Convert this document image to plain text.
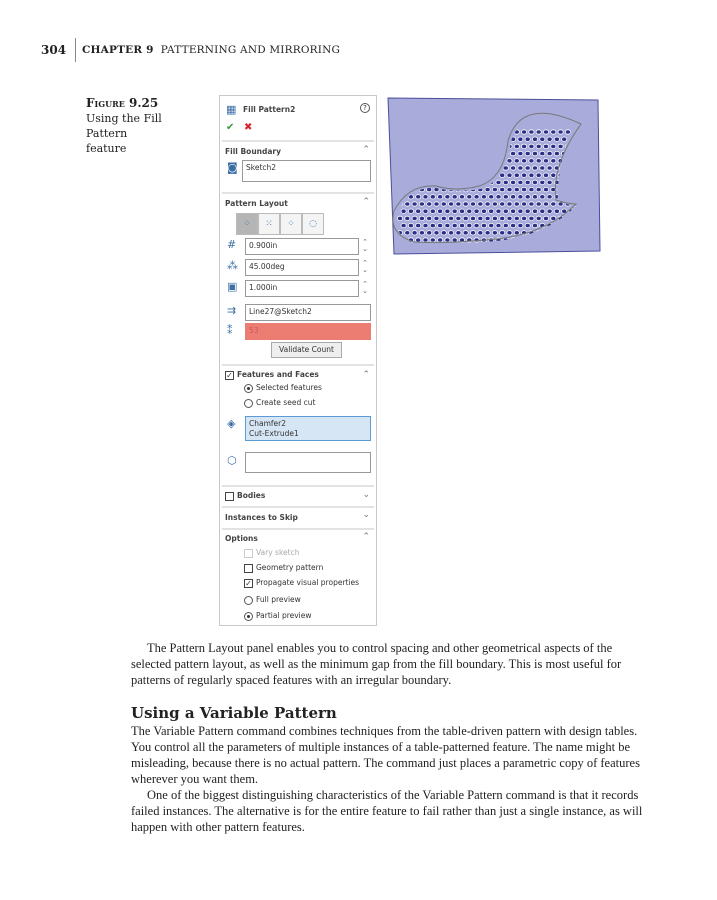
304 CHAPTER 9 PATTERNING AND MIRRORING
Figure 9.25
Using the Fill Pattern feature
▦ Fill Pattern2	?
✔ ✖
Fill Boundary	⌃
◙	Sketch2
Pattern Layout	⌃
⁘	⁙	⁘	◌
#	0.900in	⌃
⌄
⁂	45.00deg	⌃
⌄
▣	1.000in	⌃
⌄
⇉	Line27@Sketch2
⁑	53
Validate Count
✓ Features and Faces	⌃
Selected features
Create seed cut
◈ Chamfer2
Cut-Extrude1
⬡
Bodies	⌄
Instances to Skip	⌄
Options	⌃
Vary sketch
Geometry pattern
✓ Propagate visual properties
Full preview
Partial preview

The Pattern Layout panel enables you to control spacing and other geometrical aspects of the selected pattern layout, as well as the minimum gap from the fill boundary. This is most useful for patterns of regularly spaced features with an irregular boundary.

Using a Variable Pattern

The Variable Pattern command combines techniques from the table-driven pattern with design tables. You control all the parameters of multiple instances of a table-patterned feature. The name might be misleading, because there is no actual pattern. The command just places a parametric copy of features wherever you want them.

One of the biggest distinguishing characteristics of the Variable Pattern command is that it records failed instances. The alternative is for the entire feature to fail rather than just a single instance, as will happen with other pattern features.
